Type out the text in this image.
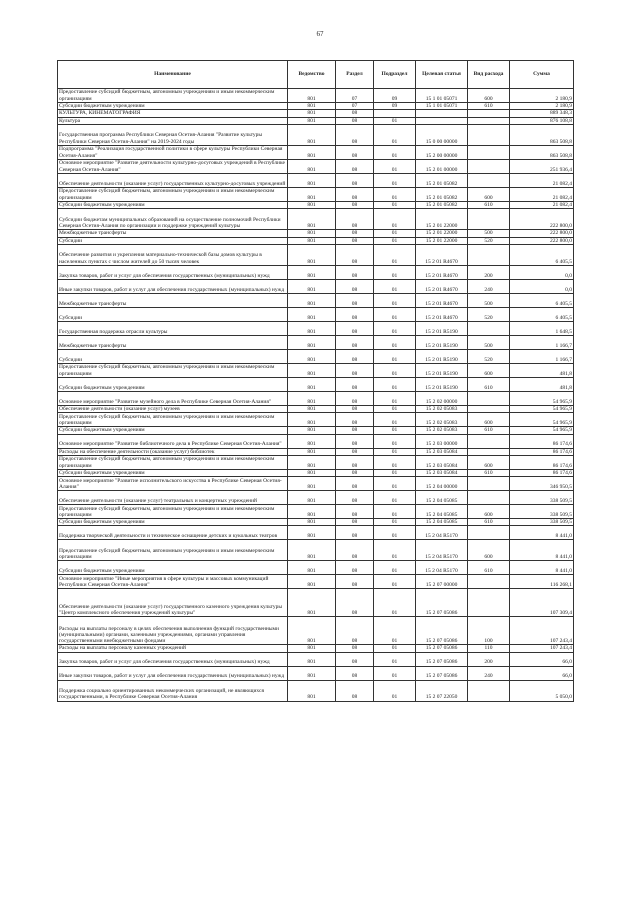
67
Наименование	Ведомство	Раздел	Подраздел	Целевая статья	Вид расхода	Сумма
Предоставление субсидий бюджетным, автономным учреждениям и иным некоммерческим организациям	801	07	09	15 1 01 05071	600	2 180,9
Субсидии бюджетным учреждениям	801	07	09	15 1 01 05071	610	2 180,9
КУЛЬТУРА, КИНЕМАТОГРАФИЯ	801	08				889 348,3
Культура	801	08	01			876 108,8
Государственная программа Республики Северная Осетия-Алания "Развитие культуры Республики Северная Осетия-Алания" на 2019-2024 годы	801	08	01	15 0 00 00000		863 508,8
Подпрограмма "Реализация государственной политики в сфере культуры Республики Северная Осетия-Алания"	801	08	01	15 2 00 00000		863 508,8
Основное мероприятие "Развитие деятельности культурно-досуговых учреждений в Республике Северная Осетия-Алания"	801	08	01	15 2 01 00000		251 936,4
Обеспечение деятельности (оказание услуг) государственных культурно-досуговых учреждений	801	08	01	15 2 01 05082		21 082,4
Предоставление субсидий бюджетным, автономным учреждениям и иным некоммерческим организациям	801	08	01	15 2 01 05082	600	21 082,4
Субсидии бюджетным учреждениям	801	08	01	15 2 01 05082	610	21 082,4
Субсидии бюджетам муниципальных образований на осуществление полномочий Республики Северная Осетия-Алания по организации и поддержке учреждений культуры	801	08	01	15 2 01 22000		222 800,0
Межбюджетные трансферты	801	08	01	15 2 01 22000	500	222 800,0
Субсидии	801	08	01	15 2 01 22000	520	222 800,0
Обеспечение развития и укрепления материально-технической базы домов культуры в населенных пунктах с числом жителей до 50 тысяч человек	801	08	01	15 2 01 R4670		6 405,5
Закупка товаров, работ и услуг для обеспечения государственных (муниципальных) нужд	801	08	01	15 2 01 R4670	200	0,0
Иные закупки товаров, работ и услуг для обеспечения государственных (муниципальных) нужд	801	08	01	15 2 01 R4670	240	0,0
Межбюджетные трансферты	801	08	01	15 2 01 R4670	500	6 405,5
Субсидии	801	08	01	15 2 01 R4670	520	6 405,5
Государственная поддержка отрасли культуры	801	08	01	15 2 01 R5190		1 648,5
Межбюджетные трансферты	801	08	01	15 2 01 R5190	500	1 166,7
Субсидии	801	08	01	15 2 01 R5190	520	1 166,7
Предоставление субсидий бюджетным, автономным учреждениям и иным некоммерческим организациям	801	08	01	15 2 01 R5190	600	481,8
Субсидии бюджетным учреждениям	801	08	01	15 2 01 R5190	610	481,8
Основное мероприятие "Развитие музейного дела в Республике Северная Осетия-Алания"	801	08	01	15 2 02 00000		54 965,9
Обеспечение деятельности (оказание услуг) музеев	801	08	01	15 2 02 05083		54 965,9
Предоставление субсидий бюджетным, автономным учреждениям и иным некоммерческим организациям	801	08	01	15 2 02 05083	600	54 965,9
Субсидии бюджетным учреждениям	801	08	01	15 2 02 05083	610	54 965,9
Основное мероприятие "Развитие библиотечного дела в Республике Северная Осетия-Алания"	801	08	01	15 2 03 00000		86 174,6
Расходы на обеспечение деятельности (оказание услуг) библиотек	801	08	01	15 2 03 05084		86 174,6
Предоставление субсидий бюджетным, автономным учреждениям и иным некоммерческим организациям	801	08	01	15 2 03 05084	600	86 174,6
Субсидии бюджетным учреждениям	801	08	01	15 2 03 05084	610	86 174,6
Основное мероприятие "Развитие исполнительского искусства в Республике Северная Осетия-Алания"	801	08	01	15 2 04 00000		346 950,5
Обеспечение деятельности (оказание услуг) театральных и концертных учреждений	801	08	01	15 2 04 05085		338 509,5
Предоставление субсидий бюджетным, автономным учреждениям и иным некоммерческим организациям	801	08	01	15 2 04 05085	600	338 509,5
Субсидии бюджетным учреждениям	801	08	01	15 2 04 05085	610	338 509,5
Поддержка творческой деятельности и техническое оснащение детских и кукольных театров	801	08	01	15 2 04 R5170		8 441,0
Предоставление субсидий бюджетным, автономным учреждениям и иным некоммерческим организациям	801	08	01	15 2 04 R5170	600	8 441,0
Субсидии бюджетным учреждениям	801	08	01	15 2 04 R5170	610	8 441,0
Основное мероприятие "Иные мероприятия в сфере культуры и массовых коммуникаций Республики Северная Осетия-Алания"	801	08	01	15 2 07 00000		116 268,1
Обеспечение деятельности (оказание услуг) государственного казенного учреждения культуры "Центр комплексного обеспечения учреждений культуры"	801	08	01	15 2 07 05086		107 309,4
Расходы на выплаты персоналу в целях обеспечения выполнения функций государственными (муниципальными) органами, казенными учреждениями, органами управления государственными внебюджетными фондами	801	08	01	15 2 07 05086	100	107 243,4
Расходы на выплаты персоналу казенных учреждений	801	08	01	15 2 07 05086	110	107 243,4
Закупка товаров, работ и услуг для обеспечения государственных (муниципальных) нужд	801	08	01	15 2 07 05086	200	66,0
Иные закупки товаров, работ и услуг для обеспечения государственных (муниципальных) нужд	801	08	01	15 2 07 05086	240	66,0
Поддержка социально ориентированных некоммерческих организаций, не являющихся государственными, в Республике Северная Осетия-Алания	801	08	01	15 2 07 22050		5 050,0
